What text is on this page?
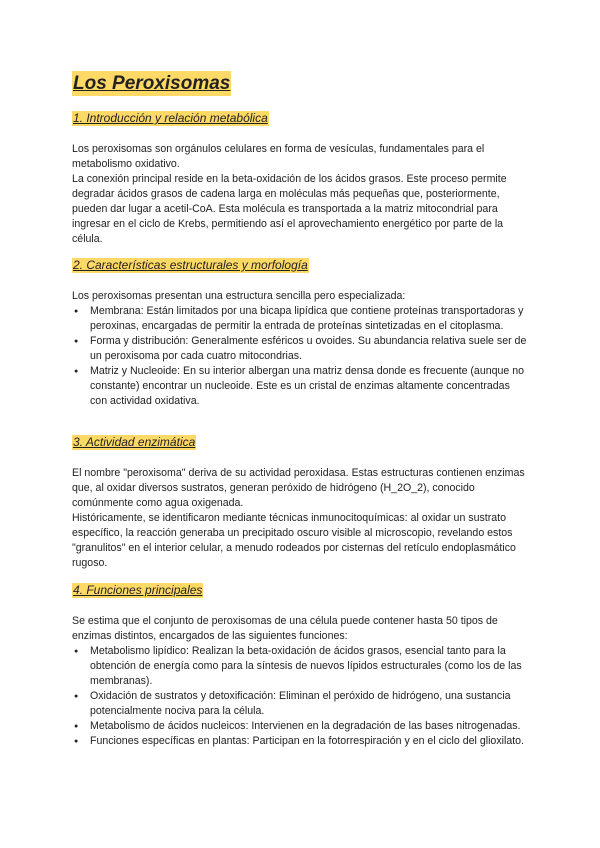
Los Peroxisomas
1. Introducción y relación metabólica
Los peroxisomas son orgánulos celulares en forma de vesículas, fundamentales para el metabolismo oxidativo.
La conexión principal reside en la beta-oxidación de los ácidos grasos. Este proceso permite degradar ácidos grasos de cadena larga en moléculas más pequeñas que, posteriormente, pueden dar lugar a acetil-CoA. Esta molécula es transportada a la matriz mitocondrial para ingresar en el ciclo de Krebs, permitiendo así el aprovechamiento energético por parte de la célula.
2. Características estructurales y morfología
Los peroxisomas presentan una estructura sencilla pero especializada:
● Membrana: Están limitados por una bicapa lipídica que contiene proteínas transportadoras y peroxinas, encargadas de permitir la entrada de proteínas sintetizadas en el citoplasma.
● Forma y distribución: Generalmente esféricos u ovoides. Su abundancia relativa suele ser de un peroxisoma por cada cuatro mitocondrias.
● Matriz y Nucleoide: En su interior albergan una matriz densa donde es frecuente (aunque no constante) encontrar un nucleoide. Este es un cristal de enzimas altamente concentradas con actividad oxidativa.
3. Actividad enzimática
El nombre "peroxisoma" deriva de su actividad peroxidasa. Estas estructuras contienen enzimas que, al oxidar diversos sustratos, generan peróxido de hidrógeno (H_2O_2), conocido comúnmente como agua oxigenada.
Históricamente, se identificaron mediante técnicas inmunocitoquímicas: al oxidar un sustrato específico, la reacción generaba un precipitado oscuro visible al microscopio, revelando estos "granulitos" en el interior celular, a menudo rodeados por cisternas del retículo endoplasmático rugoso.
4. Funciones principales
Se estima que el conjunto de peroxisomas de una célula puede contener hasta 50 tipos de enzimas distintos, encargados de las siguientes funciones:
● Metabolismo lipídico: Realizan la beta-oxidación de ácidos grasos, esencial tanto para la obtención de energía como para la síntesis de nuevos lípidos estructurales (como los de las membranas).
● Oxidación de sustratos y detoxificación: Eliminan el peróxido de hidrógeno, una sustancia potencialmente nociva para la célula.
● Metabolismo de ácidos nucleicos: Intervienen en la degradación de las bases nitrogenadas.
● Funciones específicas en plantas: Participan en la fotorrespiración y en el ciclo del glioxilato.
